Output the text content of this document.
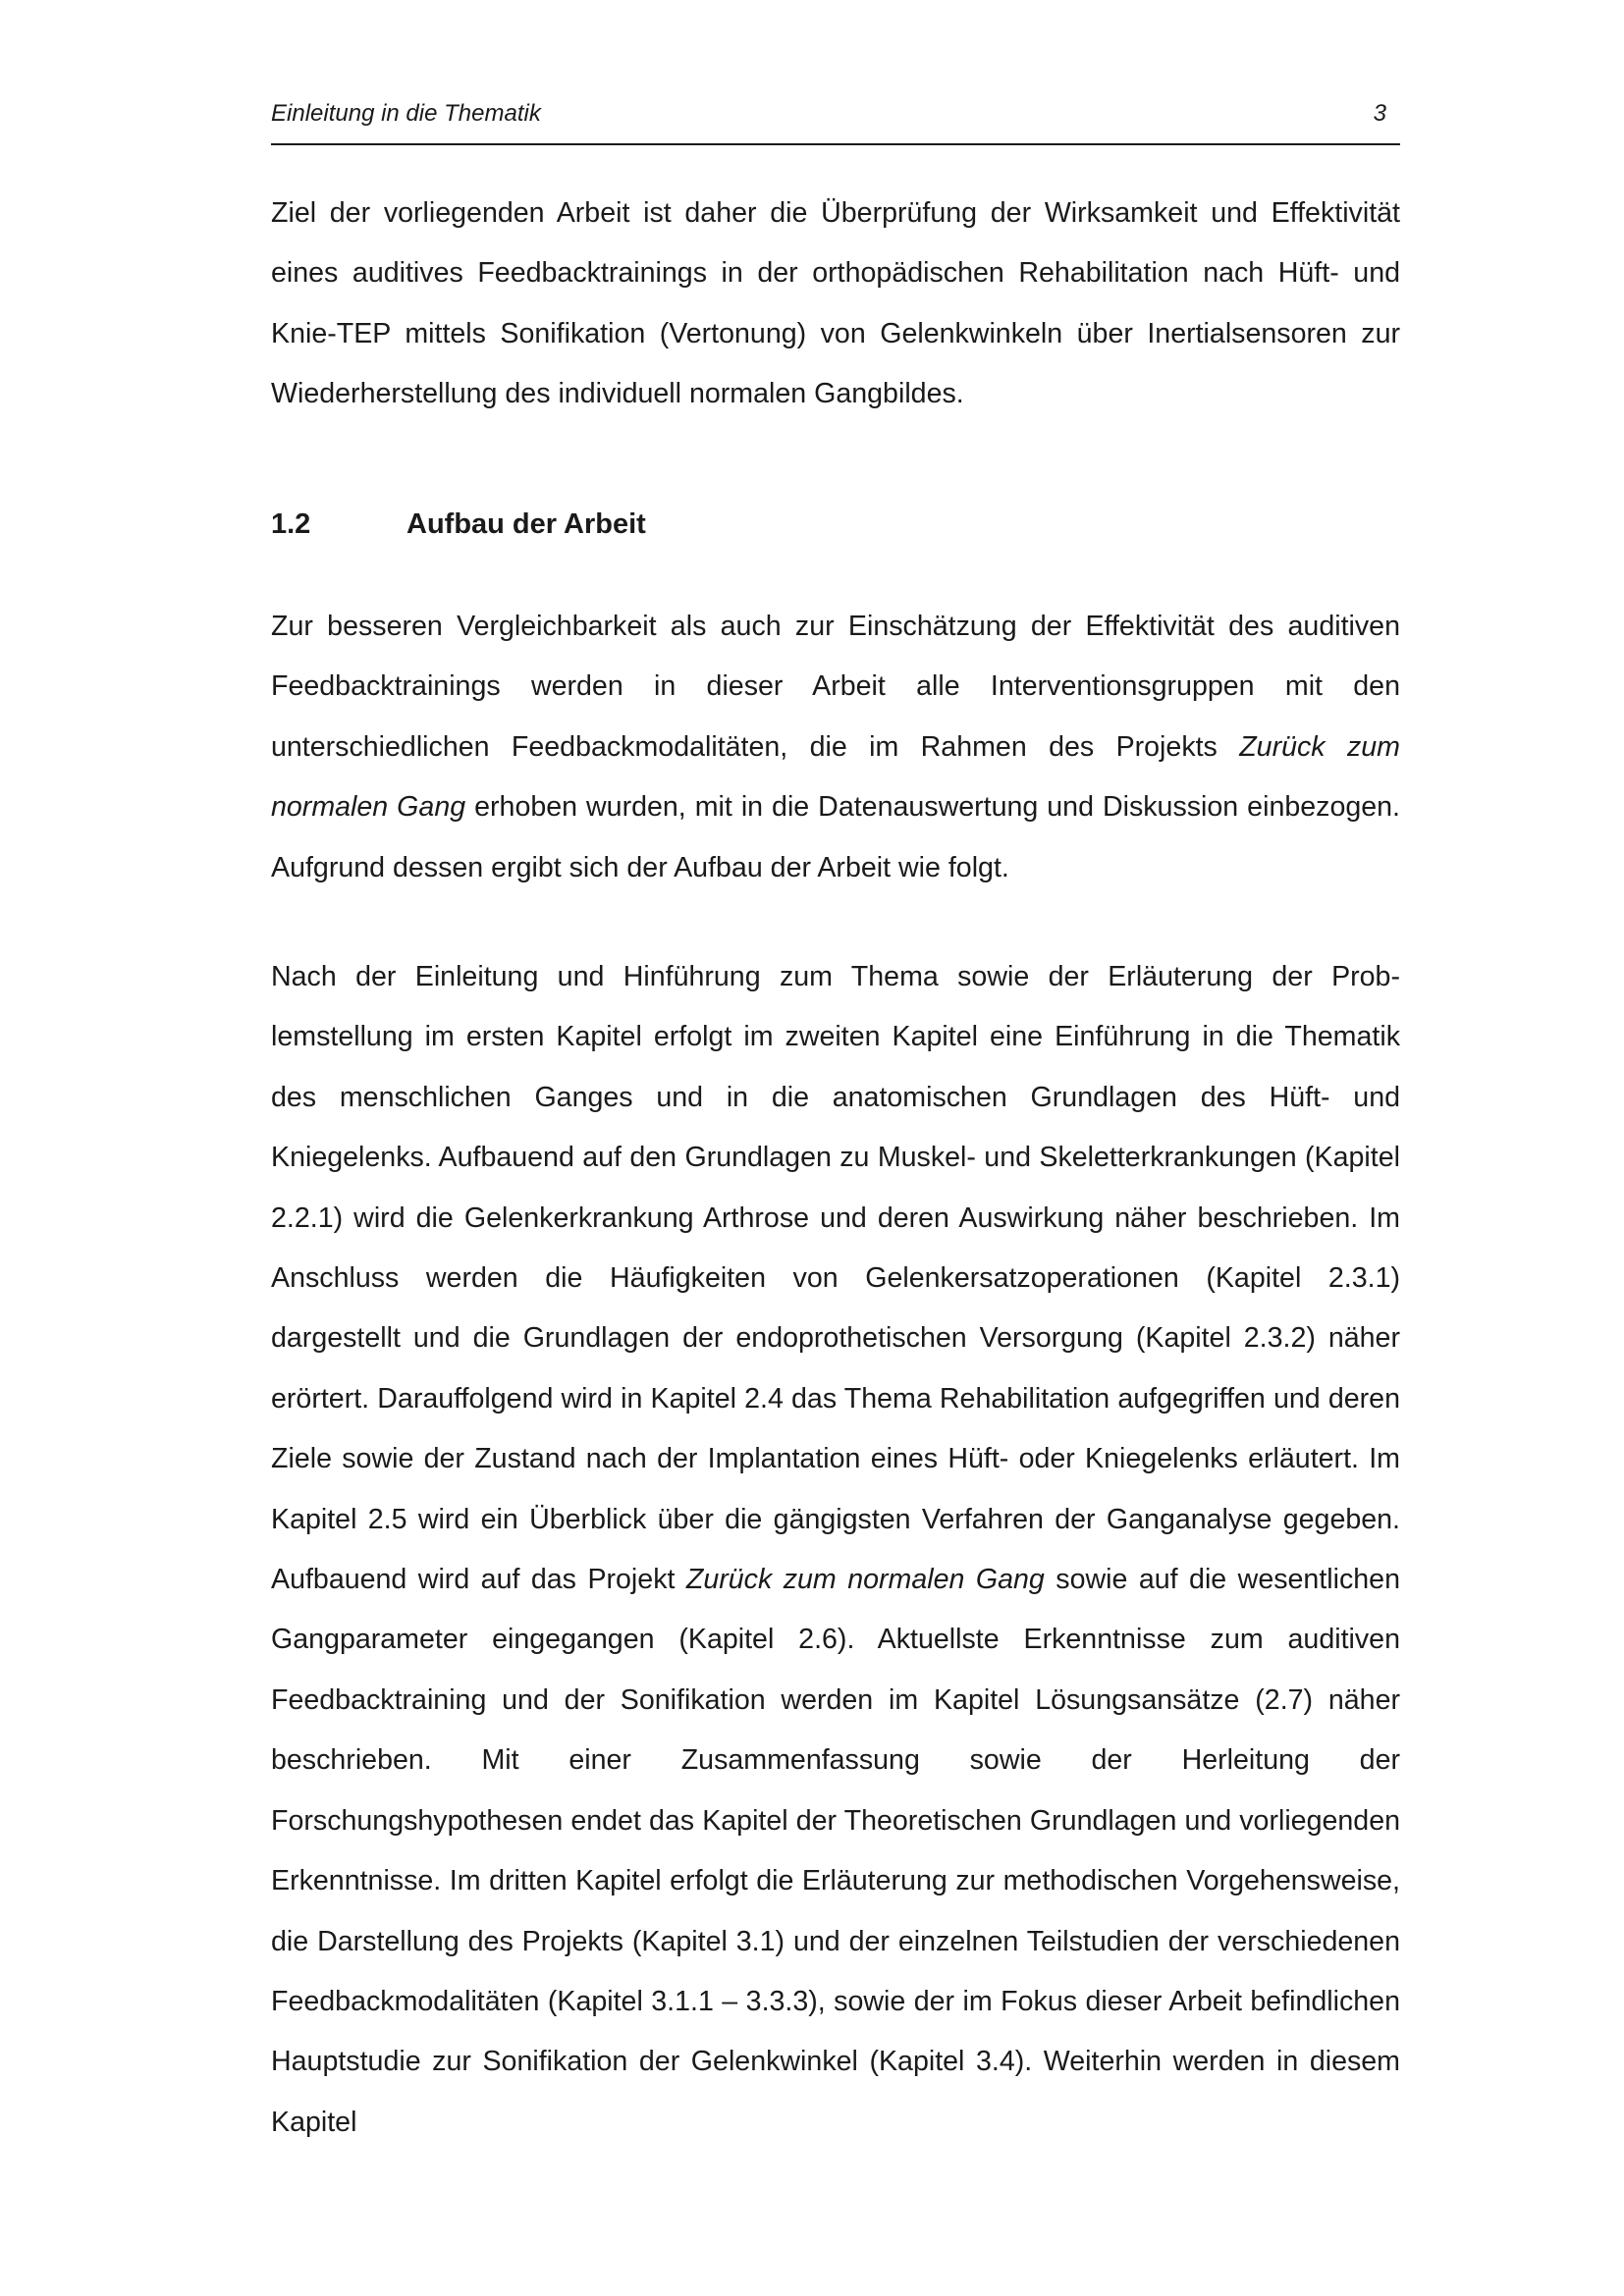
Einleitung in die Thematik	3

Ziel der vorliegenden Arbeit ist daher die Überprüfung der Wirksamkeit und Effektivität eines auditives Feedbacktrainings in der orthopädischen Rehabilitation nach Hüft- und Knie-TEP mittels Sonifikation (Vertonung) von Gelenkwinkeln über Inertialsensoren zur Wiederherstellung des individuell normalen Gangbildes.

1.2	Aufbau der Arbeit

Zur besseren Vergleichbarkeit als auch zur Einschätzung der Effektivität des auditiven Feedbacktrainings werden in dieser Arbeit alle Interventionsgruppen mit den unterschiedlichen Feedbackmodalitäten, die im Rahmen des Projekts Zurück zum normalen Gang erhoben wurden, mit in die Datenauswertung und Diskussion einbezogen. Aufgrund dessen ergibt sich der Aufbau der Arbeit wie folgt.

Nach der Einleitung und Hinführung zum Thema sowie der Erläuterung der Problemstellung im ersten Kapitel erfolgt im zweiten Kapitel eine Einführung in die Thematik des menschlichen Ganges und in die anatomischen Grundlagen des Hüft- und Kniegelenks. Aufbauend auf den Grundlagen zu Muskel- und Skeletterkrankungen (Kapitel 2.2.1) wird die Gelenkerkrankung Arthrose und deren Auswirkung näher beschrieben. Im Anschluss werden die Häufigkeiten von Gelenkersatzoperationen (Kapitel 2.3.1) dargestellt und die Grundlagen der endoprothetischen Versorgung (Kapitel 2.3.2) näher erörtert. Darauffolgend wird in Kapitel 2.4 das Thema Rehabilitation aufgegriffen und deren Ziele sowie der Zustand nach der Implantation eines Hüft- oder Kniegelenks erläutert. Im Kapitel 2.5 wird ein Überblick über die gängigsten Verfahren der Ganganalyse gegeben. Aufbauend wird auf das Projekt Zurück zum normalen Gang sowie auf die wesentlichen Gangparameter eingegangen (Kapitel 2.6). Aktuellste Erkenntnisse zum auditiven Feedbacktraining und der Sonifikation werden im Kapitel Lösungsansätze (2.7) näher beschrieben. Mit einer Zusammenfassung sowie der Herleitung der Forschungshypothesen endet das Kapitel der Theoretischen Grundlagen und vorliegenden Erkenntnisse. Im dritten Kapitel erfolgt die Erläuterung zur methodischen Vorgehensweise, die Darstellung des Projekts (Kapitel 3.1) und der einzelnen Teilstudien der verschiedenen Feedbackmodalitäten (Kapitel 3.1.1 – 3.3.3), sowie der im Fokus dieser Arbeit befindlichen Hauptstudie zur Sonifikation der Gelenkwinkel (Kapitel 3.4). Weiterhin werden in diesem Kapitel
